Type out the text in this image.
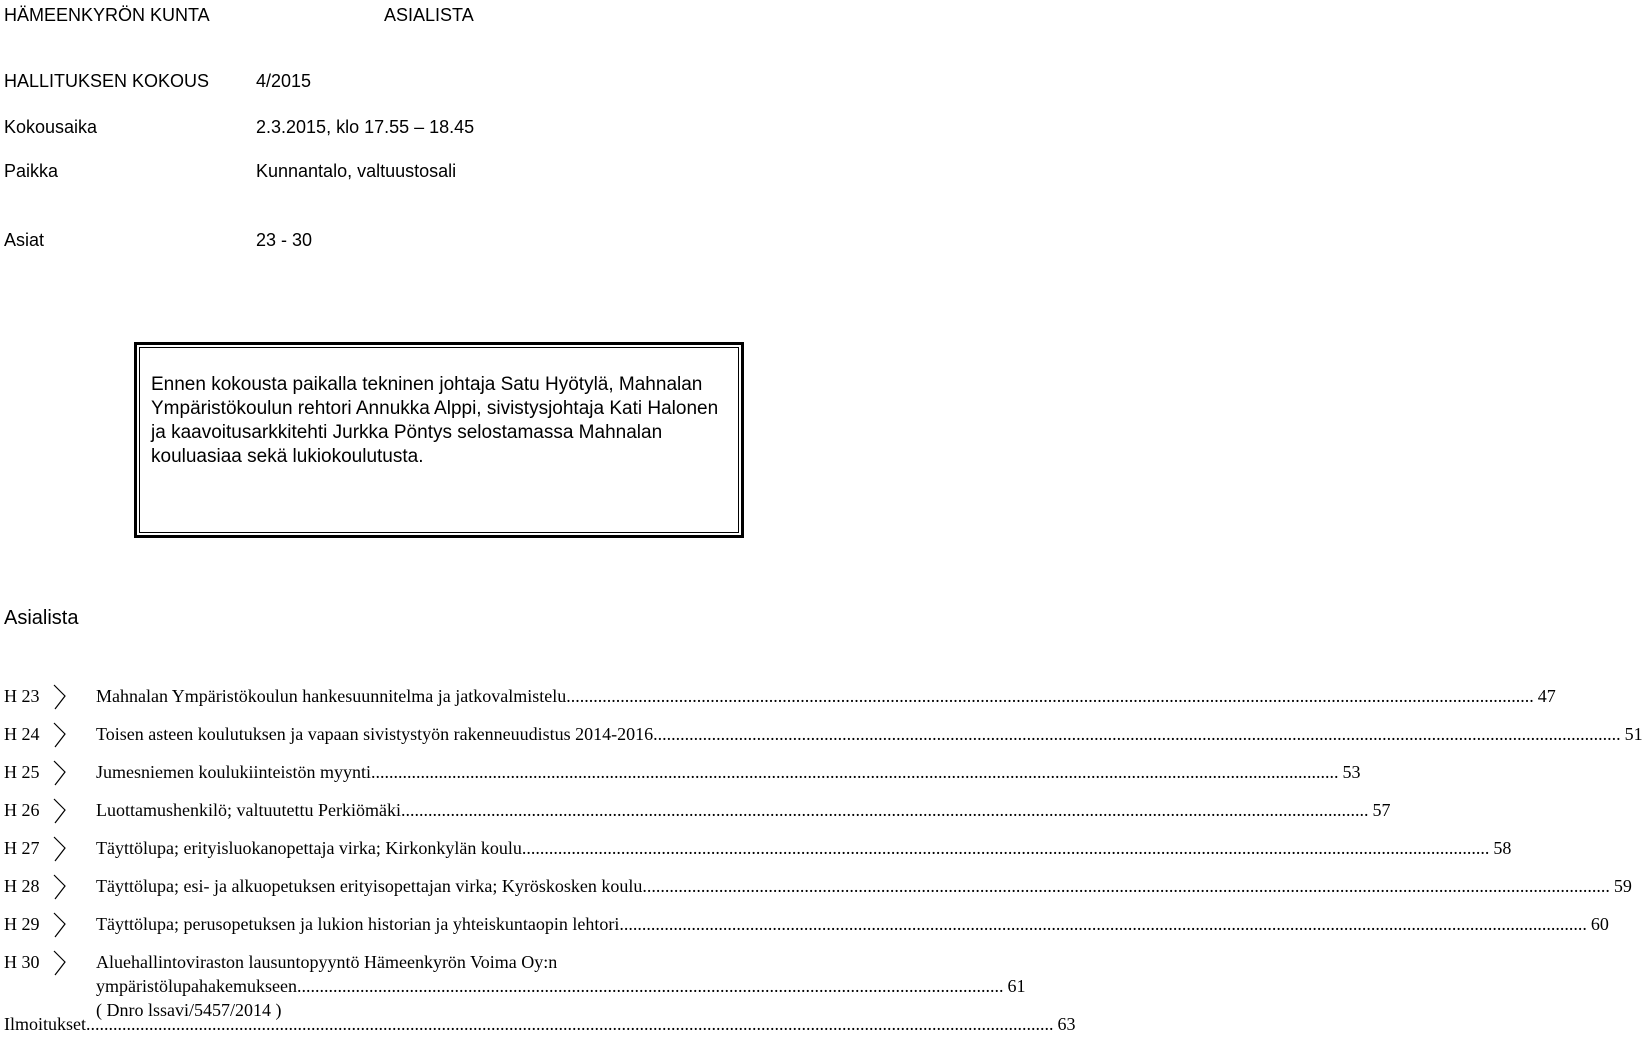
HÄMEENKYRÖN KUNTA	ASIALISTA
HALLITUKSEN KOKOUS	4/2015
Kokousaika	2.3.2015, klo 17.55 – 18.45
Paikka	Kunnantalo, valtuustosali
Asiat	23 - 30
Ennen kokousta paikalla tekninen johtaja Satu Hyötylä, Mahnalan Ympäristökoulun rehtori Annukka Alppi, sivistysjohtaja Kati Halonen ja kaavoitusarkkitehti Jurkka Pöntys selostamassa Mahnalan kouluasiaa sekä lukiokoulutusta.
Asialista
H 23	Mahnalan Ympäristökoulun hankesuunnitelma ja jatkovalmistelu .....	47
H 24	Toisen asteen koulutuksen ja vapaan sivistystyön rakenneuudistus 2014-2016 .....	51
H 25	Jumesniemen koulukiinteistön myynti .....	53
H 26	Luottamushenkilö; valtuutettu Perkiömäki .....	57
H 27	Täyttölupa; erityisluokanopettaja virka; Kirkonkylän koulu .....	58
H 28	Täyttölupa; esi- ja alkuopetuksen erityisopettajan virka; Kyröskosken koulu .....	59
H 29	Täyttölupa; perusopetuksen ja lukion historian ja yhteiskuntaopin lehtori .....	60
H 30	Aluehallintoviraston lausuntopyyntö Hämeenkyrön Voima Oy:n
ympäristölupahakemukseen ( Dnro lssavi/5457/2014 )
............................................................................................................................................................. 61
Ilmoitukset .....	63
